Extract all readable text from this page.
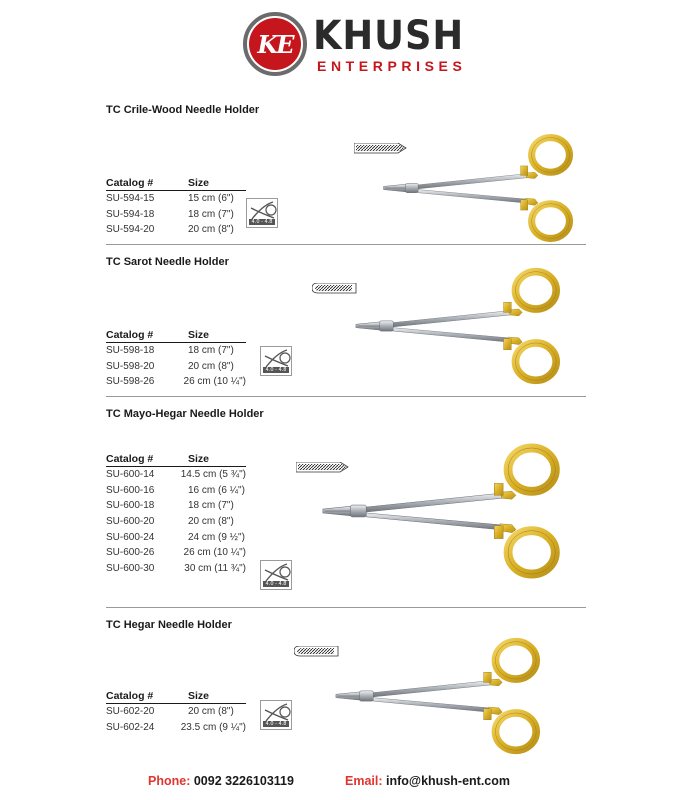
KE KHUSH
ENTERPRISES
TC Crile-Wood Needle Holder
Catalog #	Size
SU-594-15	15 cm (6")
SU-594-18	18 cm (7")
SU-594-20	20 cm (8")
4.0 - 4.8
TC Sarot Needle Holder
Catalog #	Size
SU-598-18	18 cm (7")
SU-598-20	20 cm (8")
SU-598-26	26 cm (10 ¼")
4.0 - 4.8
TC Mayo-Hegar Needle Holder
Catalog #	Size
SU-600-14	14.5 cm (5 ¾")
SU-600-16	16 cm (6 ¼")
SU-600-18	18 cm (7")
SU-600-20	20 cm (8")
SU-600-24	24 cm (9 ½")
SU-600-26	26 cm (10 ¼")
SU-600-30	30 cm (11 ¾")
4.0 - 4.8
TC Hegar Needle Holder
Catalog #	Size
SU-602-20	20 cm (8")
SU-602-24	23.5 cm (9 ¼")	4.0 - 4.8
Phone: 0092 3226103119	Email: info@khush-ent.com
